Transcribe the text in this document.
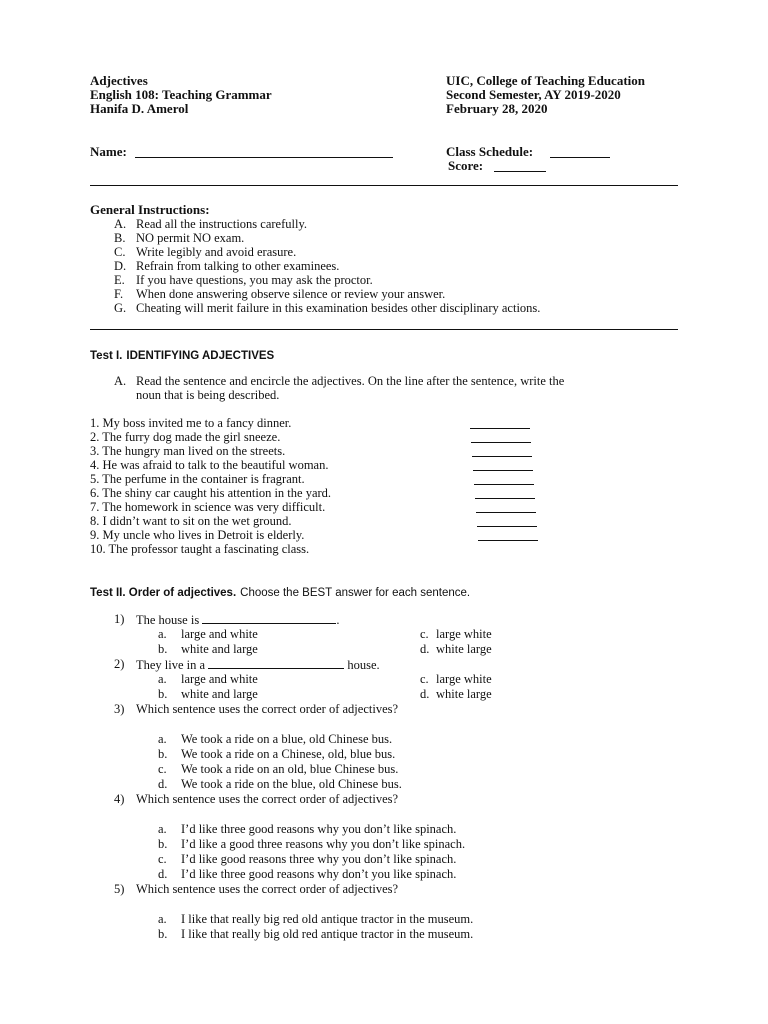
Adjectives
English 108: Teaching Grammar
Hanifa D. Amerol
UIC, College of Teaching Education
Second Semester, AY 2019-2020
February 28, 2020
Name:	Class Schedule:
Score:
General Instructions:
A. Read all the instructions carefully.
B. NO permit NO exam.
C. Write legibly and avoid erasure.
D. Refrain from talking to other examinees.
E. If you have questions, you may ask the proctor.
F. When done answering observe silence or review your answer.
G. Cheating will merit failure in this examination besides other disciplinary actions.
Test I. IDENTIFYING ADJECTIVES
A. Read the sentence and encircle the adjectives. On the line after the sentence, write the
noun that is being described.
1. My boss invited me to a fancy dinner.
2. The furry dog made the girl sneeze.
3. The hungry man lived on the streets.
4. He was afraid to talk to the beautiful woman.
5. The perfume in the container is fragrant.
6. The shiny car caught his attention in the yard.
7. The homework in science was very difficult.
8. I didn’t want to sit on the wet ground.
9. My uncle who lives in Detroit is elderly.
10. The professor taught a fascinating class.
Test II. Order of adjectives. Choose the BEST answer for each sentence.
1) The house is	.
a. large and white	c. large white
b. white and large	d. white large
2) They live in a	house.
a. large and white	c. large white
b. white and large	d. white large
3) Which sentence uses the correct order of adjectives?
a. We took a ride on a blue, old Chinese bus.
b. We took a ride on a Chinese, old, blue bus.
c. We took a ride on an old, blue Chinese bus.
d. We took a ride on the blue, old Chinese bus.
4) Which sentence uses the correct order of adjectives?
a. I’d like three good reasons why you don’t like spinach.
b. I’d like a good three reasons why you don’t like spinach.
c. I’d like good reasons three why you don’t like spinach.
d. I’d like three good reasons why don’t you like spinach.
5) Which sentence uses the correct order of adjectives?
a. I like that really big red old antique tractor in the museum.
b. I like that really big old red antique tractor in the museum.
